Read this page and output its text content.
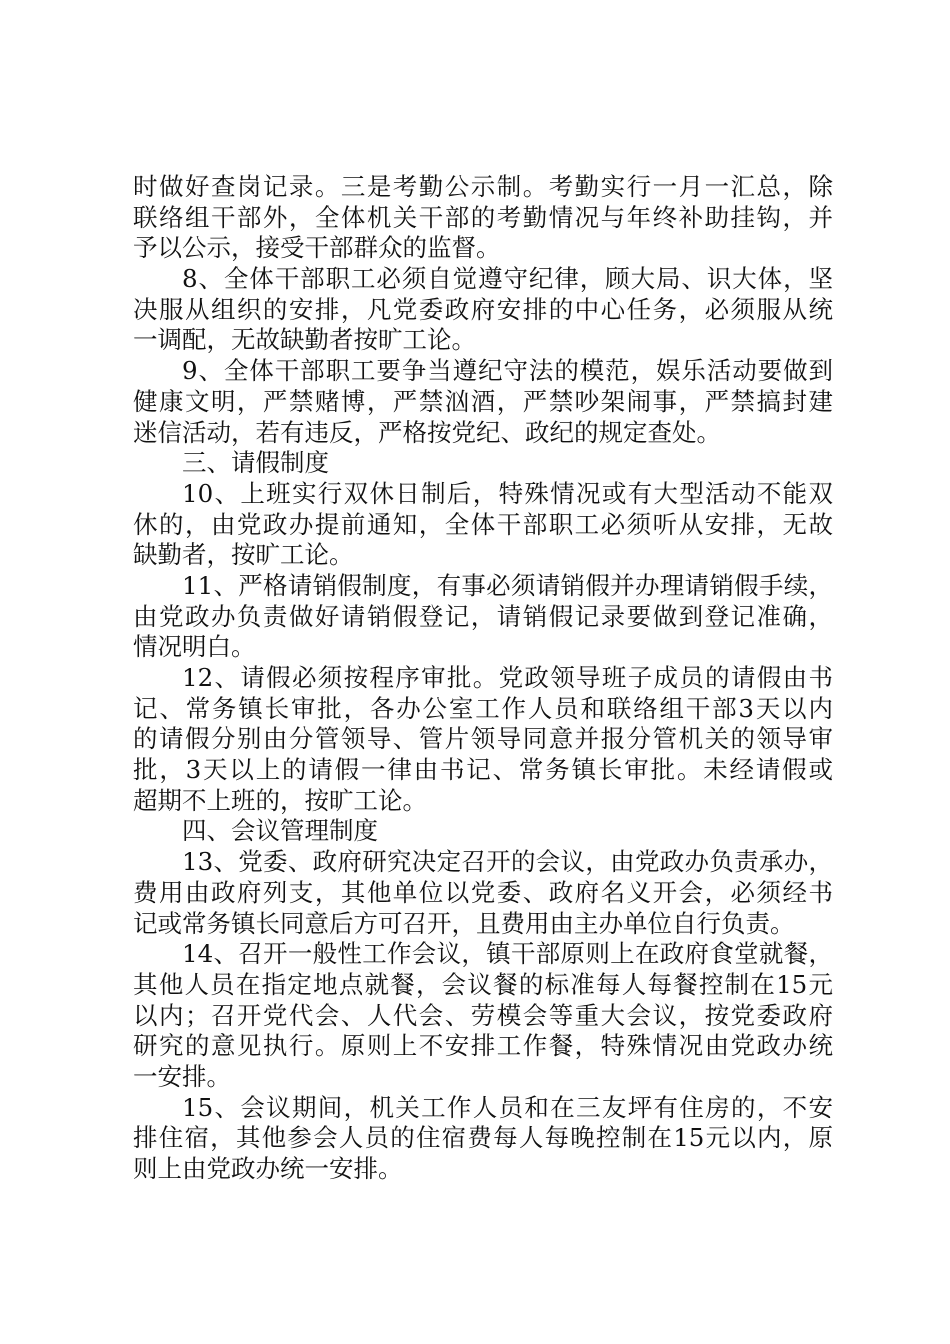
时做好查岗记录。三是考勤公示制。考勤实行一月一汇总，除
联络组干部外，全体机关干部的考勤情况与年终补助挂钩，并
予以公示，接受干部群众的监督。
8、全体干部职工必须自觉遵守纪律，顾大局、识大体，坚
决服从组织的安排，凡党委政府安排的中心任务，必须服从统
一调配，无故缺勤者按旷工论。
9、全体干部职工要争当遵纪守法的模范，娱乐活动要做到
健康文明，严禁赌博，严禁汹酒，严禁吵架闹事，严禁搞封建
迷信活动，若有违反，严格按党纪、政纪的规定查处。
三、请假制度
10、上班实行双休日制后，特殊情况或有大型活动不能双
休的，由党政办提前通知，全体干部职工必须听从安排，无故
缺勤者，按旷工论。
11、严格请销假制度，有事必须请销假并办理请销假手续，
由党政办负责做好请销假登记，请销假记录要做到登记准确，
情况明白。
12、请假必须按程序审批。党政领导班子成员的请假由书
记、常务镇长审批，各办公室工作人员和联络组干部3天以内
的请假分别由分管领导、管片领导同意并报分管机关的领导审
批，3天以上的请假一律由书记、常务镇长审批。未经请假或
超期不上班的，按旷工论。
四、会议管理制度
13、党委、政府研究决定召开的会议，由党政办负责承办，
费用由政府列支，其他单位以党委、政府名义开会，必须经书
记或常务镇长同意后方可召开，且费用由主办单位自行负责。
14、召开一般性工作会议，镇干部原则上在政府食堂就餐，
其他人员在指定地点就餐，会议餐的标准每人每餐控制在15元
以内；召开党代会、人代会、劳模会等重大会议，按党委政府
研究的意见执行。原则上不安排工作餐，特殊情况由党政办统
一安排。
15、会议期间，机关工作人员和在三友坪有住房的，不安
排住宿，其他参会人员的住宿费每人每晚控制在15元以内，原
则上由党政办统一安排。
